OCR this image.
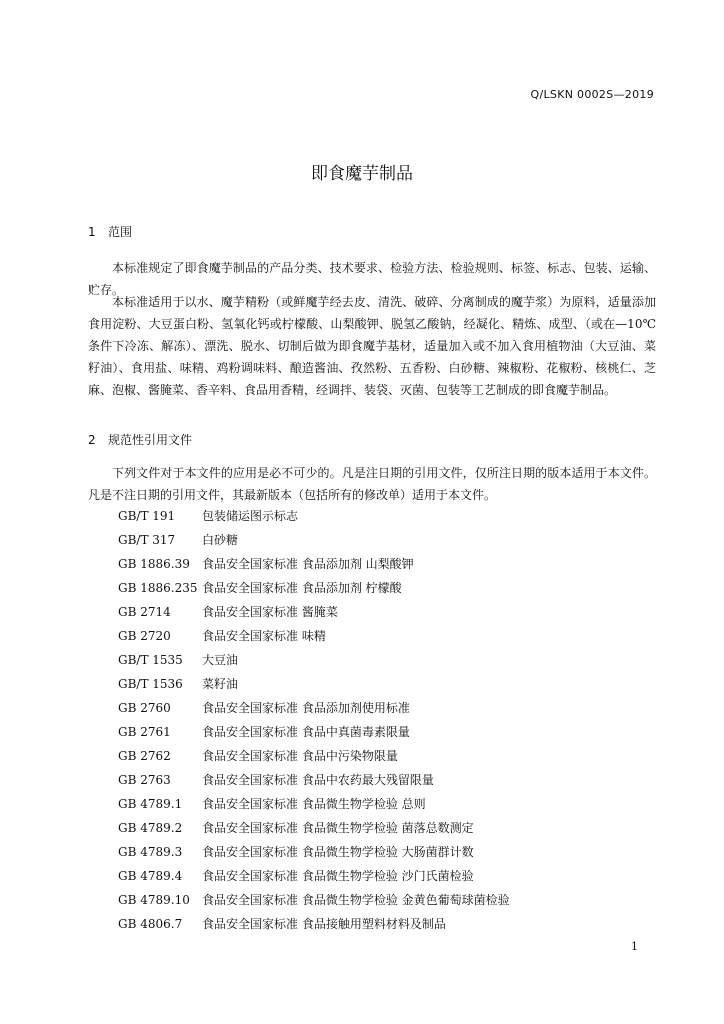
Q/LSKN 0002S—2019
即食魔芋制品
1 范围
本标准规定了即食魔芋制品的产品分类、技术要求、检验方法、检验规则、标签、标志、包装、运输、贮存。
本标准适用于以水、魔芋精粉（或鲜魔芋经去皮、清洗、破碎、分离制成的魔芋浆）为原料，适量添加食用淀粉、大豆蛋白粉、氢氧化钙或柠檬酸、山梨酸钾、脱氢乙酸钠，经凝化、精炼、成型、（或在—10℃条件下冷冻、解冻）、漂洗、脱水、切制后做为即食魔芋基材，适量加入或不加入食用植物油（大豆油、菜籽油）、食用盐、味精、鸡粉调味料、酿造酱油、孜然粉、五香粉、白砂糖、辣椒粉、花椒粉、核桃仁、芝麻、泡椒、酱腌菜、香辛料、食品用香精，经调拌、装袋、灭菌、包装等工艺制成的即食魔芋制品。
2 规范性引用文件
下列文件对于本文件的应用是必不可少的。凡是注日期的引用文件，仅所注日期的版本适用于本文件。凡是不注日期的引用文件，其最新版本（包括所有的修改单）适用于本文件。
GB/T 191 包装储运图示标志
GB/T 317 白砂糖
GB 1886.39 食品安全国家标准 食品添加剂 山梨酸钾
GB 1886.235 食品安全国家标准 食品添加剂 柠檬酸
GB 2714	食品安全国家标准 酱腌菜
GB 2720	食品安全国家标准 味精
GB/T 1535 大豆油
GB/T 1536 菜籽油
GB 2760	食品安全国家标准 食品添加剂使用标准
GB 2761	食品安全国家标准 食品中真菌毒素限量
GB 2762	食品安全国家标准 食品中污染物限量
GB 2763	食品安全国家标准 食品中农药最大残留限量
GB 4789.1 食品安全国家标准 食品微生物学检验 总则
GB 4789.2 食品安全国家标准 食品微生物学检验 菌落总数测定
GB 4789.3 食品安全国家标准 食品微生物学检验 大肠菌群计数
GB 4789.4 食品安全国家标准 食品微生物学检验 沙门氏菌检验
GB 4789.10 食品安全国家标准 食品微生物学检验 金黄色葡萄球菌检验
GB 4806.7 食品安全国家标准 食品接触用塑料材料及制品
1
